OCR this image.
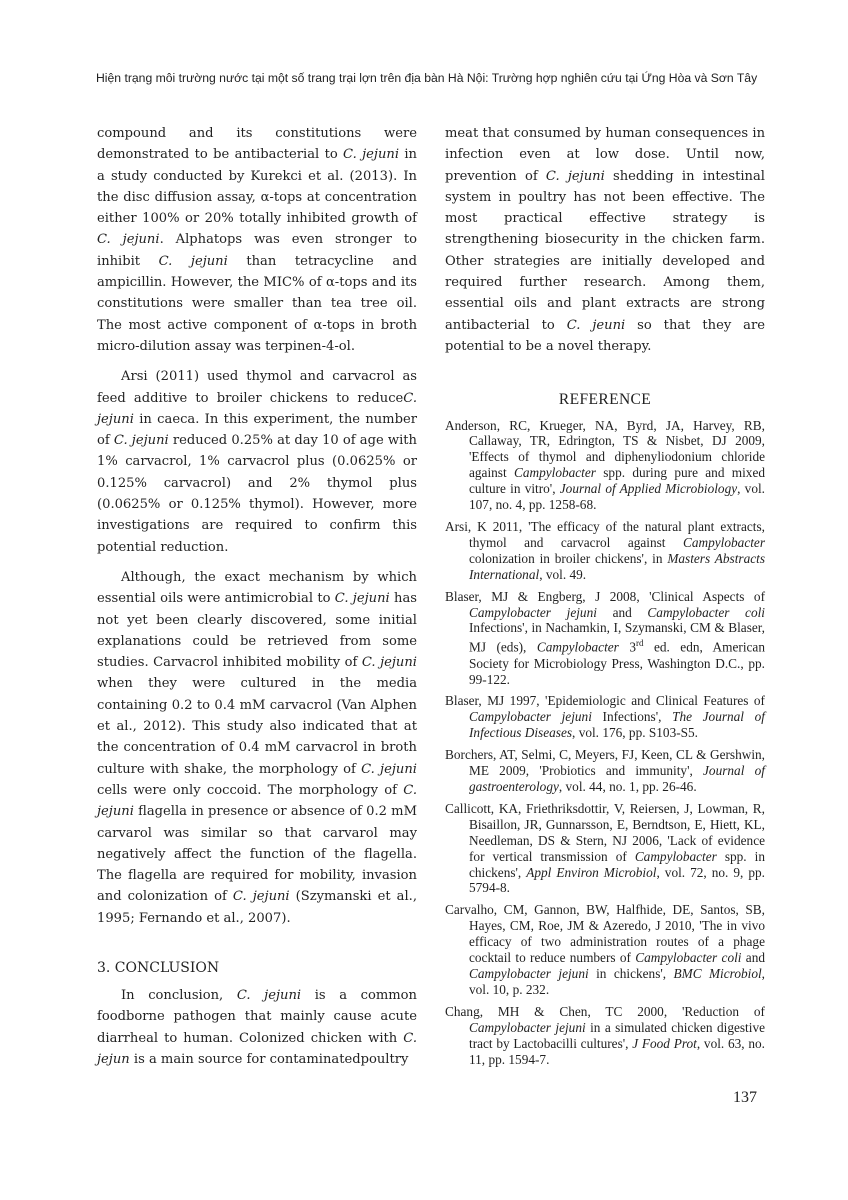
Hiện trạng môi trường nước tại một số trang trại lợn trên địa bàn Hà Nội: Trường hợp nghiên cứu tại Ứng Hòa và Sơn Tây

compound and its constitutions were demonstrated to be antibacterial to C. jejuni in a study conducted by Kurekci et al. (2013). In the disc diffusion assay, α-tops at concentration either 100% or 20% totally inhibited growth of C. jejuni. Alphatops was even stronger to inhibit C. jejuni than tetracycline and ampicillin. However, the MIC% of α-tops and its constitutions were smaller than tea tree oil. The most active component of α-tops in broth micro-dilution assay was terpinen-4-ol.

Arsi (2011) used thymol and carvacrol as feed additive to broiler chickens to reduceC. jejuni in caeca. In this experiment, the number of C. jejuni reduced 0.25% at day 10 of age with 1% carvacrol, 1% carvacrol plus (0.0625% or 0.125% carvacrol) and 2% thymol plus (0.0625% or 0.125% thymol). However, more investigations are required to confirm this potential reduction.

Although, the exact mechanism by which essential oils were antimicrobial to C. jejuni has not yet been clearly discovered, some initial explanations could be retrieved from some studies. Carvacrol inhibited mobility of C. jejuni when they were cultured in the media containing 0.2 to 0.4 mM carvacrol (Van Alphen et al., 2012). This study also indicated that at the concentration of 0.4 mM carvacrol in broth culture with shake, the morphology of C. jejuni cells were only coccoid. The morphology of C. jejuni flagella in presence or absence of 0.2 mM carvarol was similar so that carvarol may negatively affect the function of the flagella. The flagella are required for mobility, invasion and colonization of C. jejuni (Szymanski et al., 1995; Fernando et al., 2007).

3. CONCLUSION

In conclusion, C. jejuni is a common foodborne pathogen that mainly cause acute diarrheal to human. Colonized chicken with C. jejun is a main source for contaminatedpoultry

meat that consumed by human consequences in infection even at low dose. Until now, prevention of C. jejuni shedding in intestinal system in poultry has not been effective. The most practical effective strategy is strengthening biosecurity in the chicken farm. Other strategies are initially developed and required further research. Among them, essential oils and plant extracts are strong antibacterial to C. jeuni so that they are potential to be a novel therapy.

REFERENCE
Anderson, RC, Krueger, NA, Byrd, JA, Harvey, RB, Callaway, TR, Edrington, TS & Nisbet, DJ 2009, 'Effects of thymol and diphenyliodonium chloride against Campylobacter spp. during pure and mixed culture in vitro', Journal of Applied Microbiology, vol. 107, no. 4, pp. 1258-68.
Arsi, K 2011, 'The efficacy of the natural plant extracts, thymol and carvacrol against Campylobacter colonization in broiler chickens', in Masters Abstracts International, vol. 49.
Blaser, MJ & Engberg, J 2008, 'Clinical Aspects of Campylobacter jejuni and Campylobacter coli Infections', in Nachamkin, I, Szymanski, CM & Blaser, MJ (eds), Campylobacter 3rd ed. edn, American Society for Microbiology Press, Washington D.C., pp. 99-122.
Blaser, MJ 1997, 'Epidemiologic and Clinical Features of Campylobacter jejuni Infections', The Journal of Infectious Diseases, vol. 176, pp. S103-S5.
Borchers, AT, Selmi, C, Meyers, FJ, Keen, CL & Gershwin, ME 2009, 'Probiotics and immunity', Journal of gastroenterology, vol. 44, no. 1, pp. 26-46.
Callicott, KA, Friethriksdottir, V, Reiersen, J, Lowman, R, Bisaillon, JR, Gunnarsson, E, Berndtson, E, Hiett, KL, Needleman, DS & Stern, NJ 2006, 'Lack of evidence for vertical transmission of Campylobacter spp. in chickens', Appl Environ Microbiol, vol. 72, no. 9, pp. 5794-8.
Carvalho, CM, Gannon, BW, Halfhide, DE, Santos, SB, Hayes, CM, Roe, JM & Azeredo, J 2010, 'The in vivo efficacy of two administration routes of a phage cocktail to reduce numbers of Campylobacter coli and Campylobacter jejuni in chickens', BMC Microbiol, vol. 10, p. 232.
Chang, MH & Chen, TC 2000, 'Reduction of Campylobacter jejuni in a simulated chicken digestive tract by Lactobacilli cultures', J Food Prot, vol. 63, no. 11, pp. 1594-7.
137
